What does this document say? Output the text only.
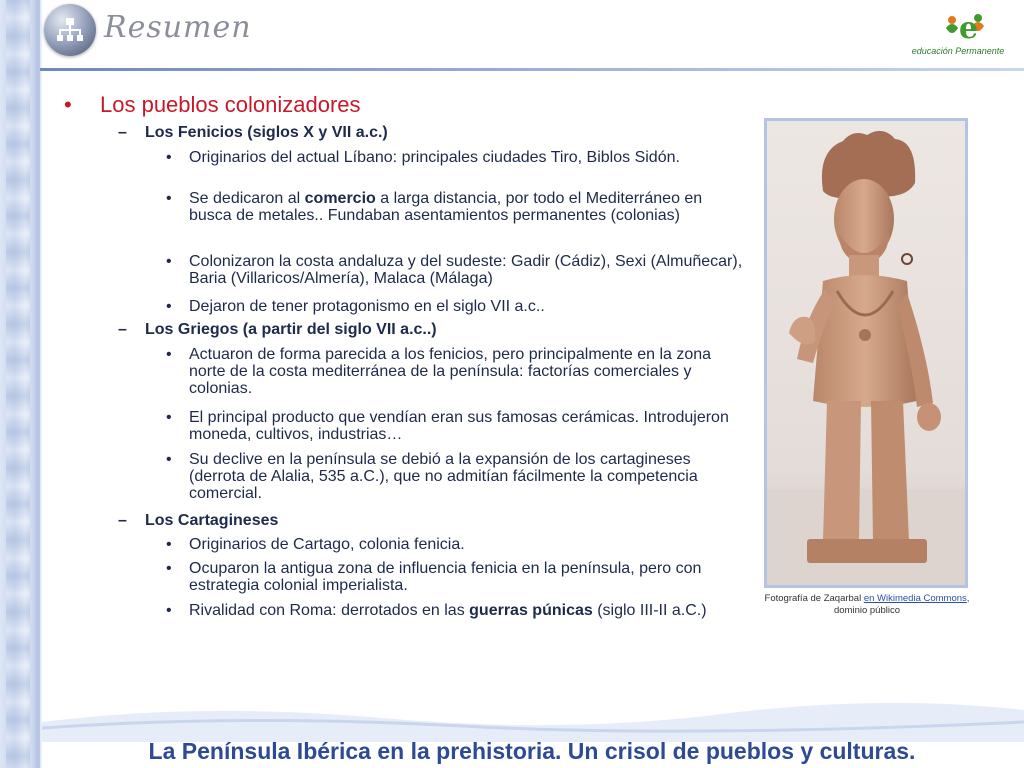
Resumen	e
educación Permanente
• Los pueblos colonizadores
– Los Fenicios (siglos X y VII a.c.)
• Originarios del actual Líbano: principales ciudades Tiro, Biblos Sidón.
• Se dedicaron al comercio a larga distancia, por todo el Mediterráneo en busca de metales.. Fundaban asentamientos permanentes (colonias)
• Colonizaron la costa andaluza y del sudeste: Gadir (Cádiz), Sexi (Almuñecar), Baria (Villaricos/Almería), Malaca (Málaga)
• Dejaron de tener protagonismo en el siglo VII a.c..
– Los Griegos (a partir del siglo VII a.c..)
• Actuaron de forma parecida a los fenicios, pero principalmente en la zona norte de la costa mediterránea de la península: factorías comerciales y colonias.
• El principal producto que vendían eran sus famosas cerámicas. Introdujeron moneda, cultivos, industrias…
• Su declive en la península se debió a la expansión de los cartagineses (derrota de Alalia, 535 a.C.), que no admitían fácilmente la competencia comercial.
– Los Cartagineses
• Originarios de Cartago, colonia fenicia.
• Ocuparon la antigua zona de influencia fenicia en la península, pero con estrategia colonial imperialista.
• Rivalidad con Roma: derrotados en las guerras púnicas (siglo III-II a.C.)
Fotografía de Zaqarbal en Wikimedia Commons, dominio público
La Península Ibérica en la prehistoria. Un crisol de pueblos y culturas.
